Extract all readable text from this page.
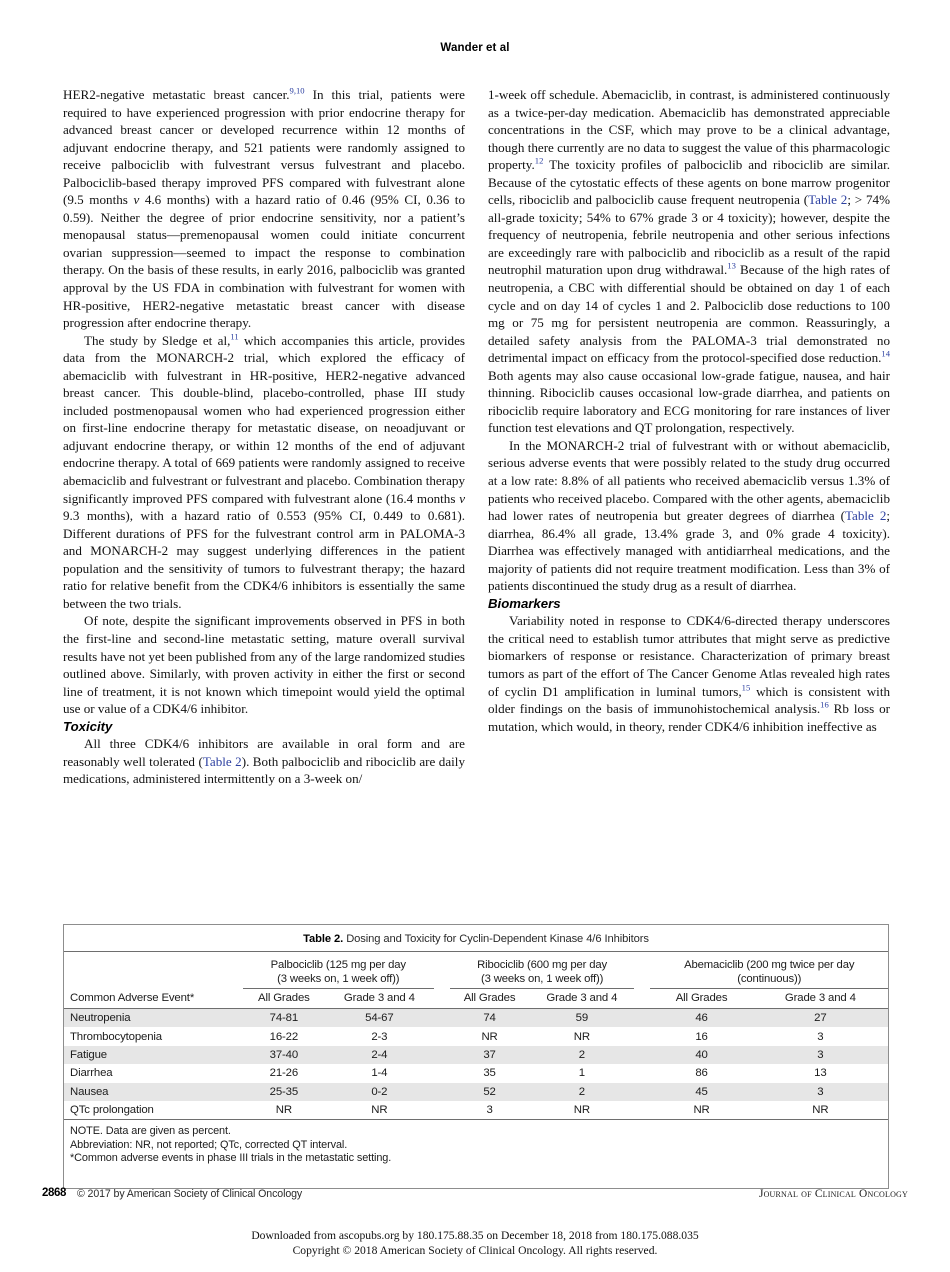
Wander et al

HER2-negative metastatic breast cancer.$^{9,10}$ In this trial, patients were required to have experienced progression with prior endocrine therapy for advanced breast cancer or developed recurrence within 12 months of adjuvant endocrine therapy, and 521 patients were randomly assigned to receive palbociclib with fulvestrant versus fulvestrant and placebo. Palbociclib-based therapy improved PFS compared with fulvestrant alone (9.5 months v 4.6 months) with a hazard ratio of 0.46 (95% CI, 0.36 to 0.59). Neither the degree of prior endocrine sensitivity, nor a patient’s menopausal status—premenopausal women could initiate concurrent ovarian suppression—seemed to impact the response to combination therapy. On the basis of these results, in early 2016, palbociclib was granted approval by the US FDA in combination with fulvestrant for women with HR-positive, HER2-negative metastatic breast cancer with disease progression after endocrine therapy.

The study by Sledge et al,$^{11}$ which accompanies this article, provides data from the MONARCH-2 trial, which explored the efficacy of abemaciclib with fulvestrant in HR-positive, HER2-negative advanced breast cancer. This double-blind, placebo-controlled, phase III study included postmenopausal women who had experienced progression either on first-line endocrine therapy for metastatic disease, on neoadjuvant or adjuvant endocrine therapy, or within 12 months of the end of adjuvant endocrine therapy. A total of 669 patients were randomly assigned to receive abemaciclib and fulvestrant or fulvestrant and placebo. Combination therapy significantly improved PFS compared with fulvestrant alone (16.4 months v 9.3 months), with a hazard ratio of 0.553 (95% CI, 0.449 to 0.681). Different durations of PFS for the fulvestrant control arm in PALOMA-3 and MONARCH-2 may suggest underlying differences in the patient population and the sensitivity of tumors to fulvestrant therapy; the hazard ratio for relative benefit from the CDK4/6 inhibitors is essentially the same between the two trials.

Of note, despite the significant improvements observed in PFS in both the first-line and second-line metastatic setting, mature overall survival results have not yet been published from any of the large randomized studies outlined above. Similarly, with proven activity in either the first or second line of treatment, it is not known which timepoint would yield the optimal use or value of a CDK4/6 inhibitor.

Toxicity

All three CDK4/6 inhibitors are available in oral form and are reasonably well tolerated (Table 2). Both palbociclib and ribociclib are daily medications, administered intermittently on a 3-week on/

1-week off schedule. Abemaciclib, in contrast, is administered continuously as a twice-per-day medication. Abemaciclib has demonstrated appreciable concentrations in the CSF, which may prove to be a clinical advantage, though there currently are no data to suggest the value of this pharmacologic property.$^{12}$ The toxicity profiles of palbociclib and ribociclib are similar. Because of the cytostatic effects of these agents on bone marrow progenitor cells, ribociclib and palbociclib cause frequent neutropenia (Table 2; > 74% all-grade toxicity; 54% to 67% grade 3 or 4 toxicity); however, despite the frequency of neutropenia, febrile neutropenia and other serious infections are exceedingly rare with palbociclib and ribociclib as a result of the rapid neutrophil maturation upon drug withdrawal.$^{13}$ Because of the high rates of neutropenia, a CBC with differential should be obtained on day 1 of each cycle and on day 14 of cycles 1 and 2. Palbociclib dose reductions to 100 mg or 75 mg for persistent neutropenia are common. Reassuringly, a detailed safety analysis from the PALOMA-3 trial demonstrated no detrimental impact on efficacy from the protocol-specified dose reduction.$^{14}$ Both agents may also cause occasional low-grade fatigue, nausea, and hair thinning. Ribociclib causes occasional low-grade diarrhea, and patients on ribociclib require laboratory and ECG monitoring for rare instances of liver function test elevations and QT prolongation, respectively.

In the MONARCH-2 trial of fulvestrant with or without abemaciclib, serious adverse events that were possibly related to the study drug occurred at a low rate: 8.8% of all patients who received abemaciclib versus 1.3% of patients who received placebo. Compared with the other agents, abemaciclib had lower rates of neutropenia but greater degrees of diarrhea (Table 2; diarrhea, 86.4% all grade, 13.4% grade 3, and 0% grade 4 toxicity). Diarrhea was effectively managed with antidiarrheal medications, and the majority of patients did not require treatment modification. Less than 3% of patients discontinued the study drug as a result of diarrhea.

Biomarkers

Variability noted in response to CDK4/6-directed therapy underscores the critical need to establish tumor attributes that might serve as predictive biomarkers of response or resistance. Characterization of primary breast tumors as part of the effort of The Cancer Genome Atlas revealed high rates of cyclin D1 amplification in luminal tumors,$^{15}$ which is consistent with older findings on the basis of immunohistochemical analysis.$^{16}$ Rb loss or mutation, which would, in theory, render CDK4/6 inhibition ineffective as

Table 2. Dosing and Toxicity for Cyclin-Dependent Kinase 4/6 Inhibitors
	Palbociclib (125 mg per day
(3 weeks on, 1 week off))			Ribociclib (600 mg per day
(3 weeks on, 1 week off))			Abemaciclib (200 mg twice per day
(continuous))	
Common Adverse Event*	All Grades	Grade 3 and 4		All Grades	Grade 3 and 4		All Grades	Grade 3 and 4
Neutropenia	74-81	54-67		74	59		46	27
Thrombocytopenia	16-22	2-3		NR	NR		16	3
Fatigue	37-40	2-4		37	2		40	3
Diarrhea	21-26	1-4		35	1		86	13
Nausea	25-35	0-2		52	2		45	3
QTc prolongation	NR	NR		3	NR		NR	NR
NOTE. Data are given as percent.
Abbreviation: NR, not reported; QTc, corrected QT interval.
*Common adverse events in phase III trials in the metastatic setting.
2868 © 2017 by American Society of Clinical Oncology	Journal of Clinical Oncology
Downloaded from ascopubs.org by 180.175.88.35 on December 18, 2018 from 180.175.088.035
Copyright © 2018 American Society of Clinical Oncology. All rights reserved.
